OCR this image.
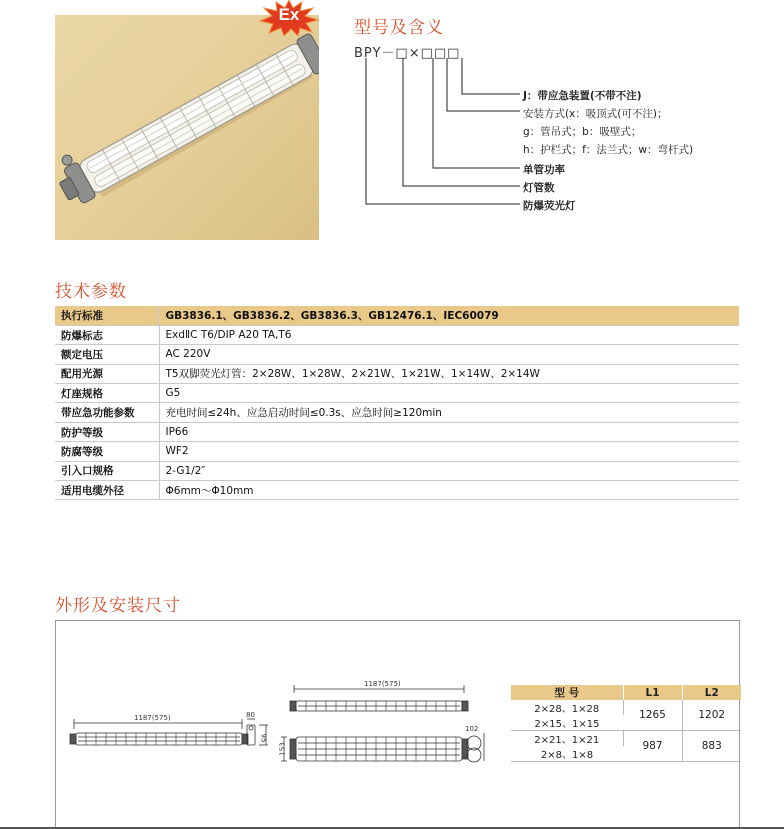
Ex
型号及含义
BPY－□×□□□
J：带应急装置(不带不注)
安装方式(x：吸顶式(可不注)；
g：管吊式；b：吸壁式；
h：护栏式；f：法兰式；w：弯杆式)
单管功率
灯管数
防爆荧光灯
技术参数
执行标准	GB3836.1、GB3836.2、GB3836.3、GB12476.1、IEC60079
防爆标志	ExdⅡC T6/DIP A20 TA,T6
额定电压	AC 220V
配用光源	T5双脚荧光灯管：2×28W、1×28W、2×21W、1×21W、1×14W、2×14W
灯座规格	G5
带应急功能参数	充电时间≤24h、应急启动时间≤0.3s、应急时间≥120min
防护等级	IP66
防腐等级	WF2
引入口规格	2-G1/2″
适用电缆外径	Φ6mm～Φ10mm
外形及安装尺寸
1187(575)	80
95
1187(575)
153
102
型 号	L1	L2
2×28、1×28	1265	1202
2×15、1×15		
2×21、1×21	987	883
2×8、1×8		
